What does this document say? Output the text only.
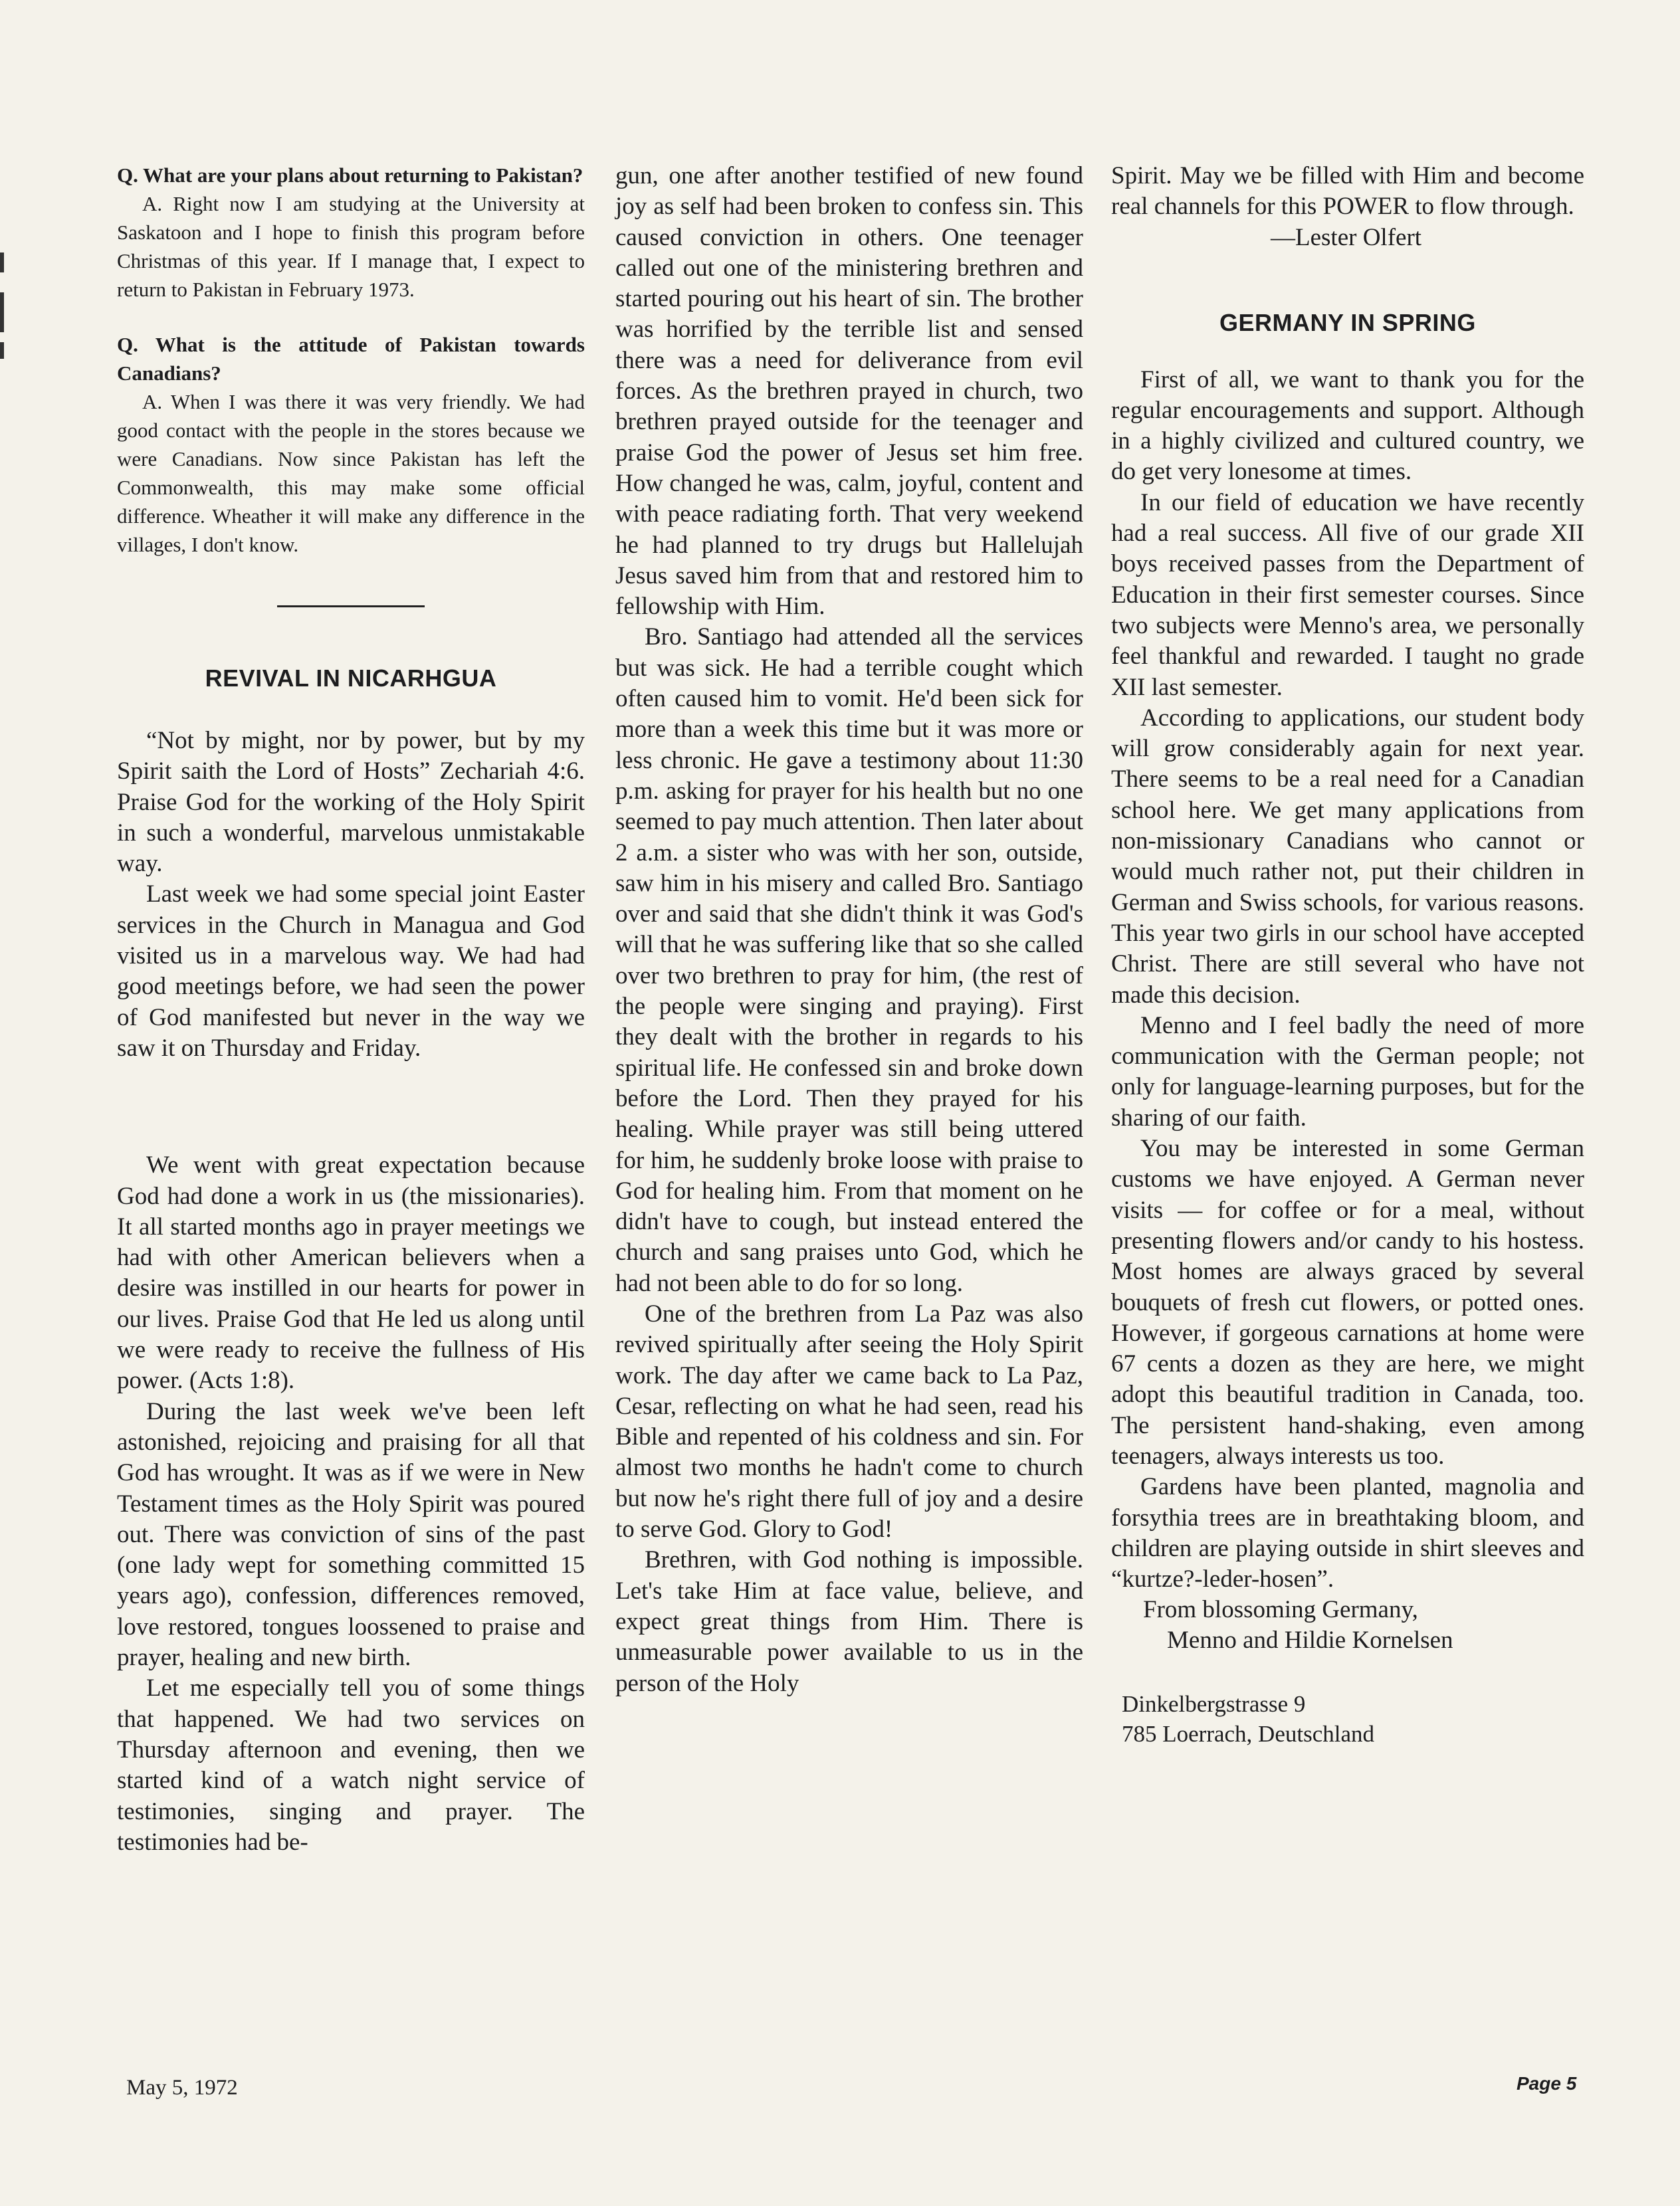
Q. What are your plans about returning to Pakistan?

A. Right now I am studying at the University at Saskatoon and I hope to finish this program before Christmas of this year. If I manage that, I expect to return to Pakistan in February 1973.

Q. What is the attitude of Pakistan towards Canadians?

A. When I was there it was very friendly. We had good contact with the people in the stores because we were Canadians. Now since Pakistan has left the Commonwealth, this may make some official difference. Wheather it will make any difference in the villages, I don't know.

REVIVAL IN NICARHGUA

“Not by might, nor by power, but by my Spirit saith the Lord of Hosts” Zechariah 4:6. Praise God for the working of the Holy Spirit in such a wonderful, marvelous unmistakable way.

Last week we had some special joint Easter services in the Church in Managua and God visited us in a marvelous way. We had had good meetings before, we had seen the power of God manifested but never in the way we saw it on Thursday and Friday.

We went with great expectation because God had done a work in us (the missionaries). It all started months ago in prayer meetings we had with other American believers when a desire was instilled in our hearts for power in our lives. Praise God that He led us along until we were ready to receive the fullness of His power. (Acts 1:8).

During the last week we've been left astonished, rejoicing and praising for all that God has wrought. It was as if we were in New Testament times as the Holy Spirit was poured out. There was conviction of sins of the past (one lady wept for something committed 15 years ago), confession, differences removed, love restored, tongues loossened to praise and prayer, healing and new birth.

Let me especially tell you of some things that happened. We had two services on Thursday afternoon and evening, then we started kind of a watch night service of testimonies, singing and prayer. The testimonies had be-

gun, one after another testified of new found joy as self had been broken to confess sin. This caused conviction in others. One teenager called out one of the ministering brethren and started pouring out his heart of sin. The brother was horrified by the terrible list and sensed there was a need for deliverance from evil forces. As the brethren prayed in church, two brethren prayed outside for the teenager and praise God the power of Jesus set him free. How changed he was, calm, joyful, content and with peace radiating forth. That very weekend he had planned to try drugs but Hallelujah Jesus saved him from that and restored him to fellowship with Him.

Bro. Santiago had attended all the services but was sick. He had a terrible cought which often caused him to vomit. He'd been sick for more than a week this time but it was more or less chronic. He gave a testimony about 11:30 p.m. asking for prayer for his health but no one seemed to pay much attention. Then later about 2 a.m. a sister who was with her son, outside, saw him in his misery and called Bro. Santiago over and said that she didn't think it was God's will that he was suffering like that so she called over two brethren to pray for him, (the rest of the people were singing and praying). First they dealt with the brother in regards to his spiritual life. He confessed sin and broke down before the Lord. Then they prayed for his healing. While prayer was still being uttered for him, he suddenly broke loose with praise to God for healing him. From that moment on he didn't have to cough, but instead entered the church and sang praises unto God, which he had not been able to do for so long.

One of the brethren from La Paz was also revived spiritually after seeing the Holy Spirit work. The day after we came back to La Paz, Cesar, reflecting on what he had seen, read his Bible and repented of his coldness and sin. For almost two months he hadn't come to church but now he's right there full of joy and a desire to serve God. Glory to God!

Brethren, with God nothing is impossible. Let's take Him at face value, believe, and expect great things from Him. There is unmeasurable power available to us in the person of the Holy

Spirit. May we be filled with Him and become real channels for this POWER to flow through.

—Lester Olfert

GERMANY IN SPRING

First of all, we want to thank you for the regular encouragements and support. Although in a highly civilized and cultured country, we do get very lonesome at times.

In our field of education we have recently had a real success. All five of our grade XII boys received passes from the Department of Education in their first semester courses. Since two subjects were Menno's area, we personally feel thankful and rewarded. I taught no grade XII last semester.

According to applications, our student body will grow considerably again for next year. There seems to be a real need for a Canadian school here. We get many applications from non-missionary Canadians who cannot or would much rather not, put their children in German and Swiss schools, for various reasons. This year two girls in our school have accepted Christ. There are still several who have not made this decision.

Menno and I feel badly the need of more communication with the German people; not only for language-learning purposes, but for the sharing of our faith.

You may be interested in some German customs we have enjoyed. A German never visits — for coffee or for a meal, without presenting flowers and/or candy to his hostess. Most homes are always graced by several bouquets of fresh cut flowers, or potted ones. However, if gorgeous carnations at home were 67 cents a dozen as they are here, we might adopt this beautiful tradition in Canada, too. The persistent hand-shaking, even among teenagers, always interests us too.

Gardens have been planted, magnolia and forsythia trees are in breathtaking bloom, and children are playing outside in shirt sleeves and “kurtze?-leder-hosen”.

From blossoming Germany,

Menno and Hildie Kornelsen

Dinkelbergstrasse 9

785 Loerrach, Deutschland

May 5, 1972	Page 5
